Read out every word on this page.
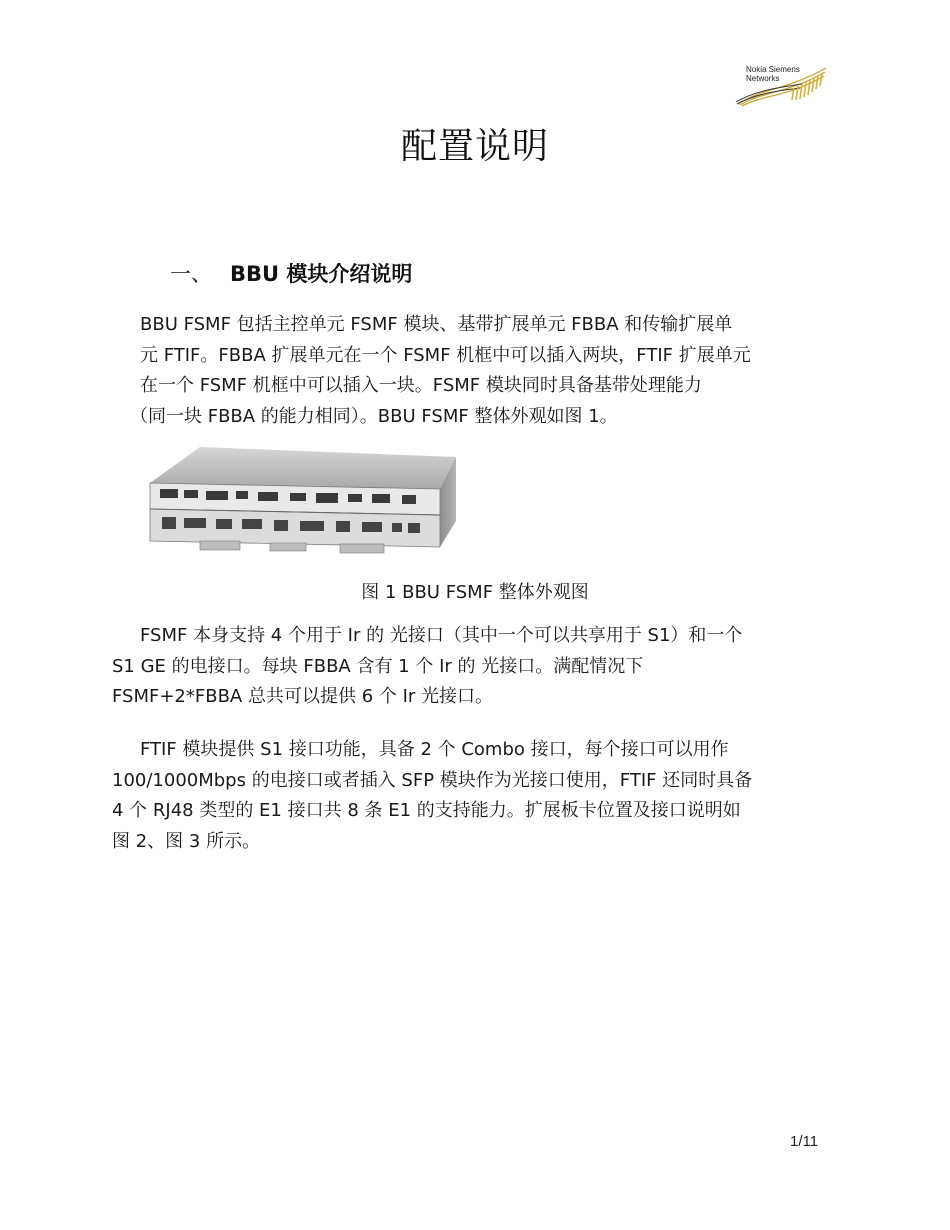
Nokia Siemens
Networks
配置说明
一、 BBU 模块介绍说明
BBU FSMF 包括主控单元 FSMF 模块、基带扩展单元 FBBA 和传输扩展单
元 FTIF。FBBA 扩展单元在一个 FSMF 机框中可以插入两块，FTIF 扩展单元
在一个 FSMF 机框中可以插入一块。FSMF 模块同时具备基带处理能力
（同一块 FBBA 的能力相同）。BBU FSMF 整体外观如图 1。
图 1 BBU FSMF 整体外观图
FSMF 本身支持 4 个用于 Ir 的 光接口（其中一个可以共享用于 S1）和一个
S1 GE 的电接口。每块 FBBA 含有 1 个 Ir 的 光接口。满配情况下
FSMF+2*FBBA 总共可以提供 6 个 Ir 光接口。
FTIF 模块提供 S1 接口功能，具备 2 个 Combo 接口，每个接口可以用作
100/1000Mbps 的电接口或者插入 SFP 模块作为光接口使用，FTIF 还同时具备
4 个 RJ48 类型的 E1 接口共 8 条 E1 的支持能力。扩展板卡位置及接口说明如
图 2、图 3 所示。
1/11
